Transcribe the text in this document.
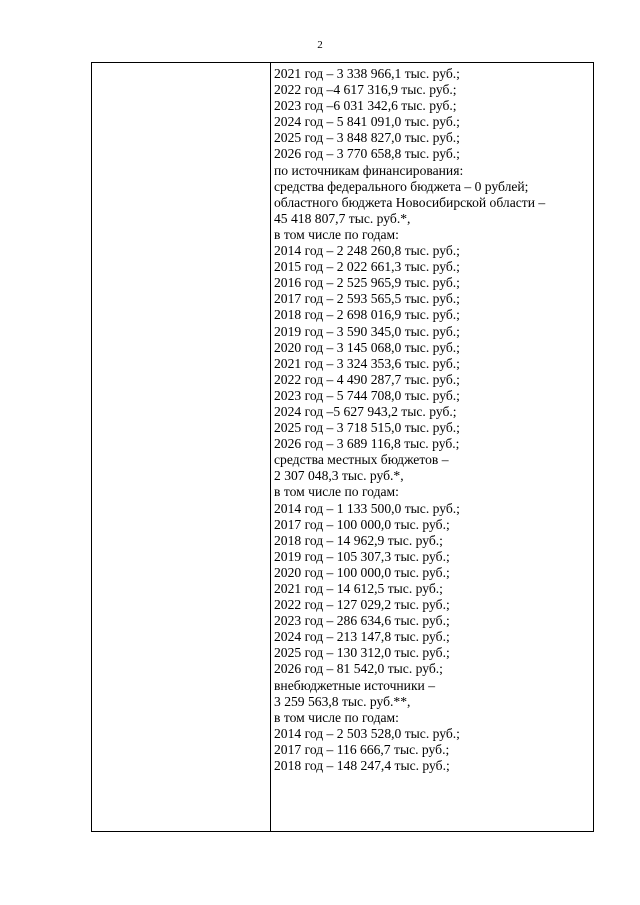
2
2021 год – 3 338 966,1 тыс. руб.;
2022 год –4 617 316,9 тыс. руб.;
2023 год –6 031 342,6 тыс. руб.;
2024 год – 5 841 091,0 тыс. руб.;
2025 год – 3 848 827,0 тыс. руб.;
2026 год – 3 770 658,8 тыс. руб.;
по источникам финансирования:
средства федерального бюджета – 0 рублей;
областного бюджета Новосибирской области –
45 418 807,7 тыс. руб.*,
в том числе по годам:
2014 год – 2 248 260,8 тыс. руб.;
2015 год – 2 022 661,3 тыс. руб.;
2016 год – 2 525 965,9 тыс. руб.;
2017 год – 2 593 565,5 тыс. руб.;
2018 год – 2 698 016,9 тыс. руб.;
2019 год – 3 590 345,0 тыс. руб.;
2020 год – 3 145 068,0 тыс. руб.;
2021 год – 3 324 353,6 тыс. руб.;
2022 год – 4 490 287,7 тыс. руб.;
2023 год – 5 744 708,0 тыс. руб.;
2024 год –5 627 943,2 тыс. руб.;
2025 год – 3 718 515,0 тыс. руб.;
2026 год – 3 689 116,8 тыс. руб.;
средства местных бюджетов –
2 307 048,3 тыс. руб.*,
в том числе по годам:
2014 год – 1 133 500,0 тыс. руб.;
2017 год – 100 000,0 тыс. руб.;
2018 год – 14 962,9 тыс. руб.;
2019 год – 105 307,3 тыс. руб.;
2020 год – 100 000,0 тыс. руб.;
2021 год – 14 612,5 тыс. руб.;
2022 год – 127 029,2 тыс. руб.;
2023 год – 286 634,6 тыс. руб.;
2024 год – 213 147,8 тыс. руб.;
2025 год – 130 312,0 тыс. руб.;
2026 год – 81 542,0 тыс. руб.;
внебюджетные источники –
3 259 563,8 тыс. руб.**,
в том числе по годам:
2014 год – 2 503 528,0 тыс. руб.;
2017 год – 116 666,7 тыс. руб.;
2018 год – 148 247,4 тыс. руб.;
